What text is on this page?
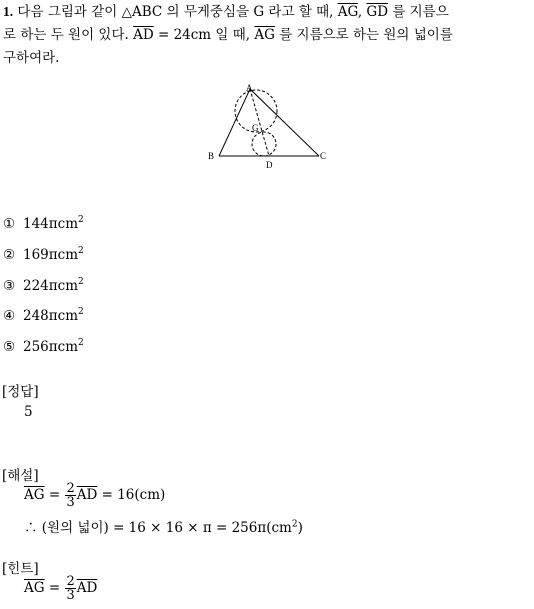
1. 다음 그림과 같이 △ABC 의 무게중심을 G 라고 할 때, $\overline{AG}$, $\overline{GD}$ 를 지름으
로 하는 두 원이 있다. $\overline{AD} = 24cm$ 일 때, $\overline{AG}$ 를 지름으로 하는 원의 넓이를
구하여라.
A
B	C
D
G
① 144πcm$^2$
② 169πcm$^2$
③ 224πcm$^2$
④ 248πcm$^2$
⑤ 256πcm$^2$
[정답]
5
[해설]
$\overline{AG} = \frac{2}{3} \overline{AD} = 16(cm)$
∴ (원의 넓이) = $16 \times 16 \times \pi = 256\pi(cm^2)$
[힌트]
$\overline{AG} = \frac{2}{3} \overline{AD}$
